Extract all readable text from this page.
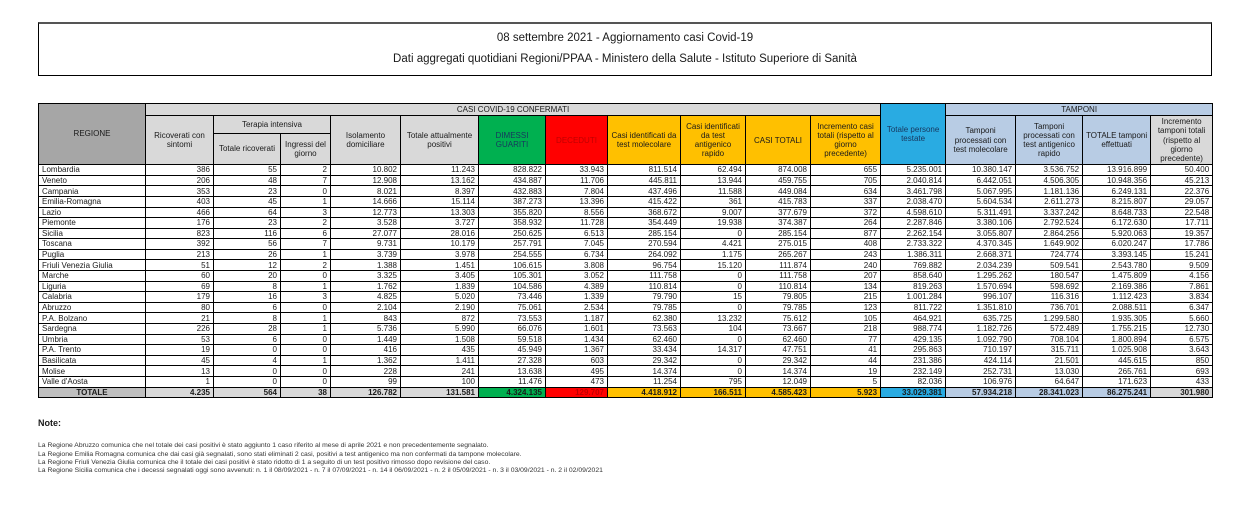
08 settembre 2021 - Aggiornamento casi Covid-19
Dati aggregati quotidiani Regioni/PPAA - Ministero della Salute - Istituto Superiore di Sanità
REGIONE	CASI COVID-19 CONFERMATI											Totale persone testate	TAMPONI			
	Ricoverati con sintomi	Terapia intensiva		Isolamento domiciliare	Totale attualmente positivi	DIMESSI GUARITI	DECEDUTI	Casi identificati da test molecolare	Casi identificati da test antigenico rapido	CASI TOTALI	Incremento casi totali (rispetto al giorno precedente)		Tamponi processati con test molecolare	Tamponi processati con test antigenico rapido	TOTALE tamponi effettuati	Incremento tamponi totali (rispetto al giorno precedente)
		Totale ricoverati	Ingressi del giorno													
Lombardia	386	55	2	10.802	11.243	828.822	33.943	811.514	62.494	874.008	655	5.235.001	10.380.147	3.536.752	13.916.899	50.400
Veneto	206	48	7	12.908	13.162	434.887	11.706	445.811	13.944	459.755	705	2.040.814	6.442.051	4.506.305	10.948.356	45.213
Campania	353	23	0	8.021	8.397	432.883	7.804	437.496	11.588	449.084	634	3.461.798	5.067.995	1.181.136	6.249.131	22.376
Emilia-Romagna	403	45	1	14.666	15.114	387.273	13.396	415.422	361	415.783	337	2.038.470	5.604.534	2.611.273	8.215.807	29.057
Lazio	466	64	3	12.773	13.303	355.820	8.556	368.672	9.007	377.679	372	4.598.610	5.311.491	3.337.242	8.648.733	22.548
Piemonte	176	23	2	3.528	3.727	358.932	11.728	354.449	19.938	374.387	264	2.287.846	3.380.106	2.792.524	6.172.630	17.711
Sicilia	823	116	6	27.077	28.016	250.625	6.513	285.154	0	285.154	877	2.262.154	3.055.807	2.864.256	5.920.063	19.357
Toscana	392	56	7	9.731	10.179	257.791	7.045	270.594	4.421	275.015	408	2.733.322	4.370.345	1.649.902	6.020.247	17.786
Puglia	213	26	1	3.739	3.978	254.555	6.734	264.092	1.175	265.267	243	1.386.311	2.668.371	724.774	3.393.145	15.241
Friuli Venezia Giulia	51	12	2	1.388	1.451	106.615	3.808	96.754	15.120	111.874	240	769.882	2.034.239	509.541	2.543.780	9.509
Marche	60	20	0	3.325	3.405	105.301	3.052	111.758	0	111.758	207	858.640	1.295.262	180.547	1.475.809	4.156
Liguria	69	8	1	1.762	1.839	104.586	4.389	110.814	0	110.814	134	819.263	1.570.694	598.692	2.169.386	7.861
Calabria	179	16	3	4.825	5.020	73.446	1.339	79.790	15	79.805	215	1.001.284	996.107	116.316	1.112.423	3.834
Abruzzo	80	6	0	2.104	2.190	75.061	2.534	79.785	0	79.785	123	811.722	1.351.810	736.701	2.088.511	6.347
P.A. Bolzano	21	8	1	843	872	73.553	1.187	62.380	13.232	75.612	105	464.921	635.725	1.299.580	1.935.305	5.660
Sardegna	226	28	1	5.736	5.990	66.076	1.601	73.563	104	73.667	218	988.774	1.182.726	572.489	1.755.215	12.730
Umbria	53	6	0	1.449	1.508	59.518	1.434	62.460	0	62.460	77	429.135	1.092.790	708.104	1.800.894	6.575
P.A. Trento	19	0	0	416	435	45.949	1.367	33.434	14.317	47.751	41	295.863	710.197	315.711	1.025.908	3.643
Basilicata	45	4	1	1.362	1.411	27.328	603	29.342	0	29.342	44	231.386	424.114	21.501	445.615	850
Molise	13	0	0	228	241	13.638	495	14.374	0	14.374	19	232.149	252.731	13.030	265.761	693
Valle d'Aosta	1	0	0	99	100	11.476	473	11.254	795	12.049	5	82.036	106.976	64.647	171.623	433
TOTALE	4.235	564	38	126.782	131.581	4.324.135	129.707	4.418.912	166.511	4.585.423	5.923	33.029.381	57.934.218	28.341.023	86.275.241	301.980
Note:
La Regione Abruzzo comunica che nel totale dei casi positivi è stato aggiunto 1 caso riferito al mese di aprile 2021 e non precedentemente segnalato.
La Regione Emilia Romagna comunica che dai casi già segnalati, sono stati eliminati 2 casi, positivi a test antigenico ma non confermati da tampone molecolare.
La Regione Friuli Venezia Giulia comunica che il totale dei casi positivi è stato ridotto di 1 a seguito di un test positivo rimosso dopo revisione del caso.
La Regione Sicilia comunica che i decessi segnalati oggi sono avvenuti: n. 1 il 08/09/2021 - n. 7 il 07/09/2021 - n. 14 il 06/09/2021 - n. 2 il 05/09/2021 - n. 3 il 03/09/2021 - n. 2 il 02/09/2021
